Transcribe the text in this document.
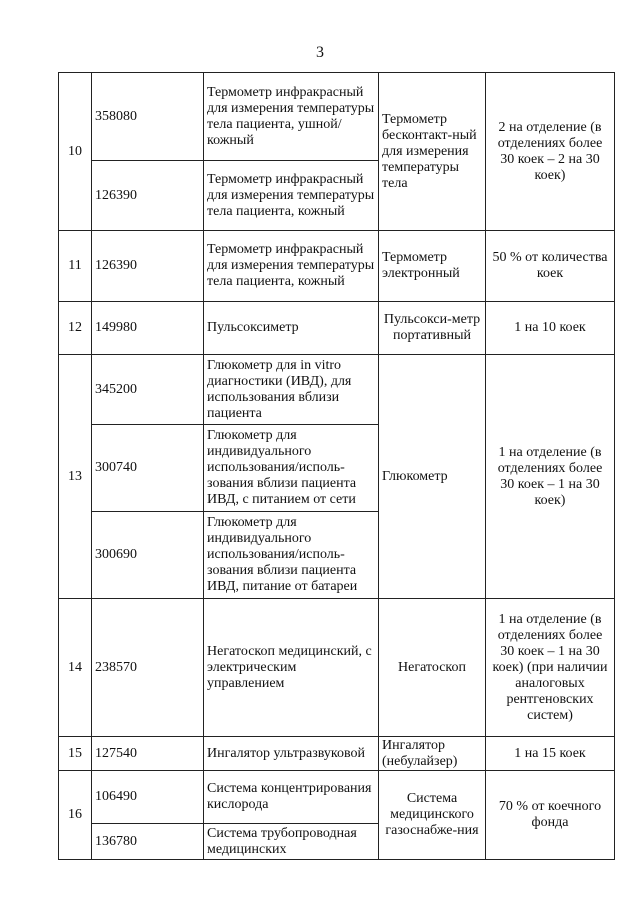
3
10	358080	Термометр инфракрасный для измерения температуры тела пациента, ушной/кожный	Термометр бесконтакт-ный для измерения температуры тела	2 на отделение (в отделениях более 30 коек – 2 на 30 коек)
	126390	Термометр инфракрасный для измерения температуры тела пациента, кожный		
11	126390	Термометр инфракрасный для измерения температуры тела пациента, кожный	Термометр электронный	50 % от количества коек
12	149980	Пульсоксиметр	Пульсокси-метр портативный	1 на 10 коек
13	345200	Глюкометр для in vitro диагностики (ИВД), для использования вблизи пациента	Глюкометр	1 на отделение (в отделениях более 30 коек – 1 на 30 коек)
	300740	Глюкометр для индивидуального использования/исполь-зования вблизи пациента ИВД, с питанием от сети		
	300690	Глюкометр для индивидуального использования/исполь-зования вблизи пациента ИВД, питание от батареи		
14	238570	Негатоскоп медицинский, с электрическим управлением	Негатоскоп	1 на отделение (в отделениях более 30 коек – 1 на 30 коек) (при наличии аналоговых рентгеновских систем)
15	127540	Ингалятор ультразвуковой	Ингалятор (небулайзер)	1 на 15 коек
16	106490	Система концентрирования кислорода	Система медицинского газоснабже-ния	70 % от коечного фонда
	136780	Система трубопроводная медицинских		
